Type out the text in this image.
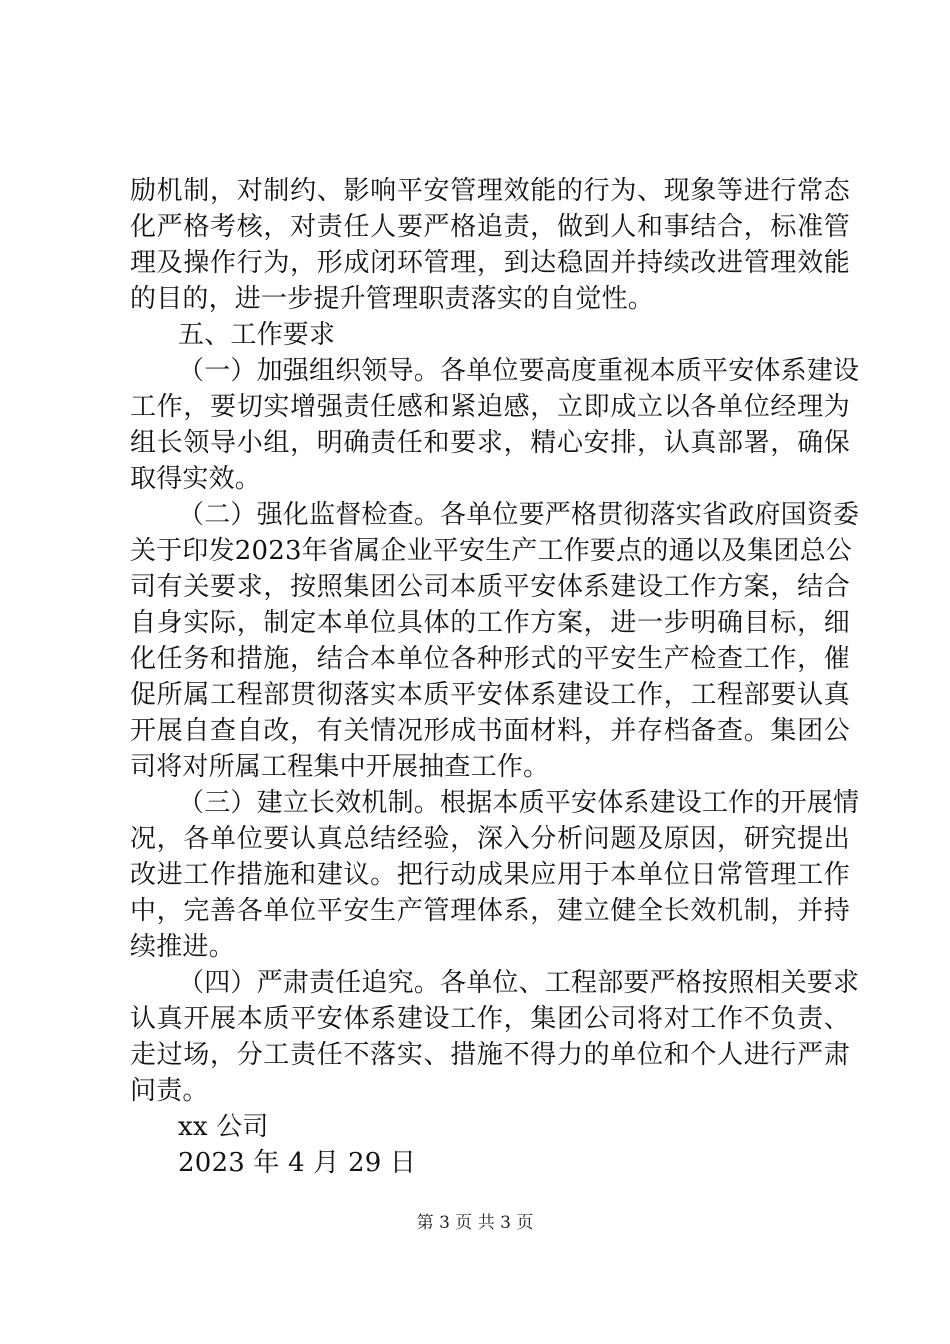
励机制，对制约、影响平安管理效能的行为、现象等进行常态
化严格考核，对责任人要严格追责，做到人和事结合，标准管
理及操作行为，形成闭环管理，到达稳固并持续改进管理效能
的目的，进一步提升管理职责落实的自觉性。
五、工作要求
（一）加强组织领导。各单位要高度重视本质平安体系建设
工作，要切实增强责任感和紧迫感，立即成立以各单位经理为
组长领导小组，明确责任和要求，精心安排，认真部署，确保
取得实效。
（二）强化监督检查。各单位要严格贯彻落实省政府国资委
关于印发2023年省属企业平安生产工作要点的通以及集团总公
司有关要求，按照集团公司本质平安体系建设工作方案，结合
自身实际，制定本单位具体的工作方案，进一步明确目标，细
化任务和措施，结合本单位各种形式的平安生产检查工作，催
促所属工程部贯彻落实本质平安体系建设工作，工程部要认真
开展自查自改，有关情况形成书面材料，并存档备查。集团公
司将对所属工程集中开展抽查工作。
（三）建立长效机制。根据本质平安体系建设工作的开展情
况，各单位要认真总结经验，深入分析问题及原因，研究提出
改进工作措施和建议。把行动成果应用于本单位日常管理工作
中，完善各单位平安生产管理体系，建立健全长效机制，并持
续推进。
（四）严肃责任追究。各单位、工程部要严格按照相关要求
认真开展本质平安体系建设工作，集团公司将对工作不负责、
走过场，分工责任不落实、措施不得力的单位和个人进行严肃
问责。
xx 公司
2023 年 4 月 29 日
第 3 页 共 3 页
